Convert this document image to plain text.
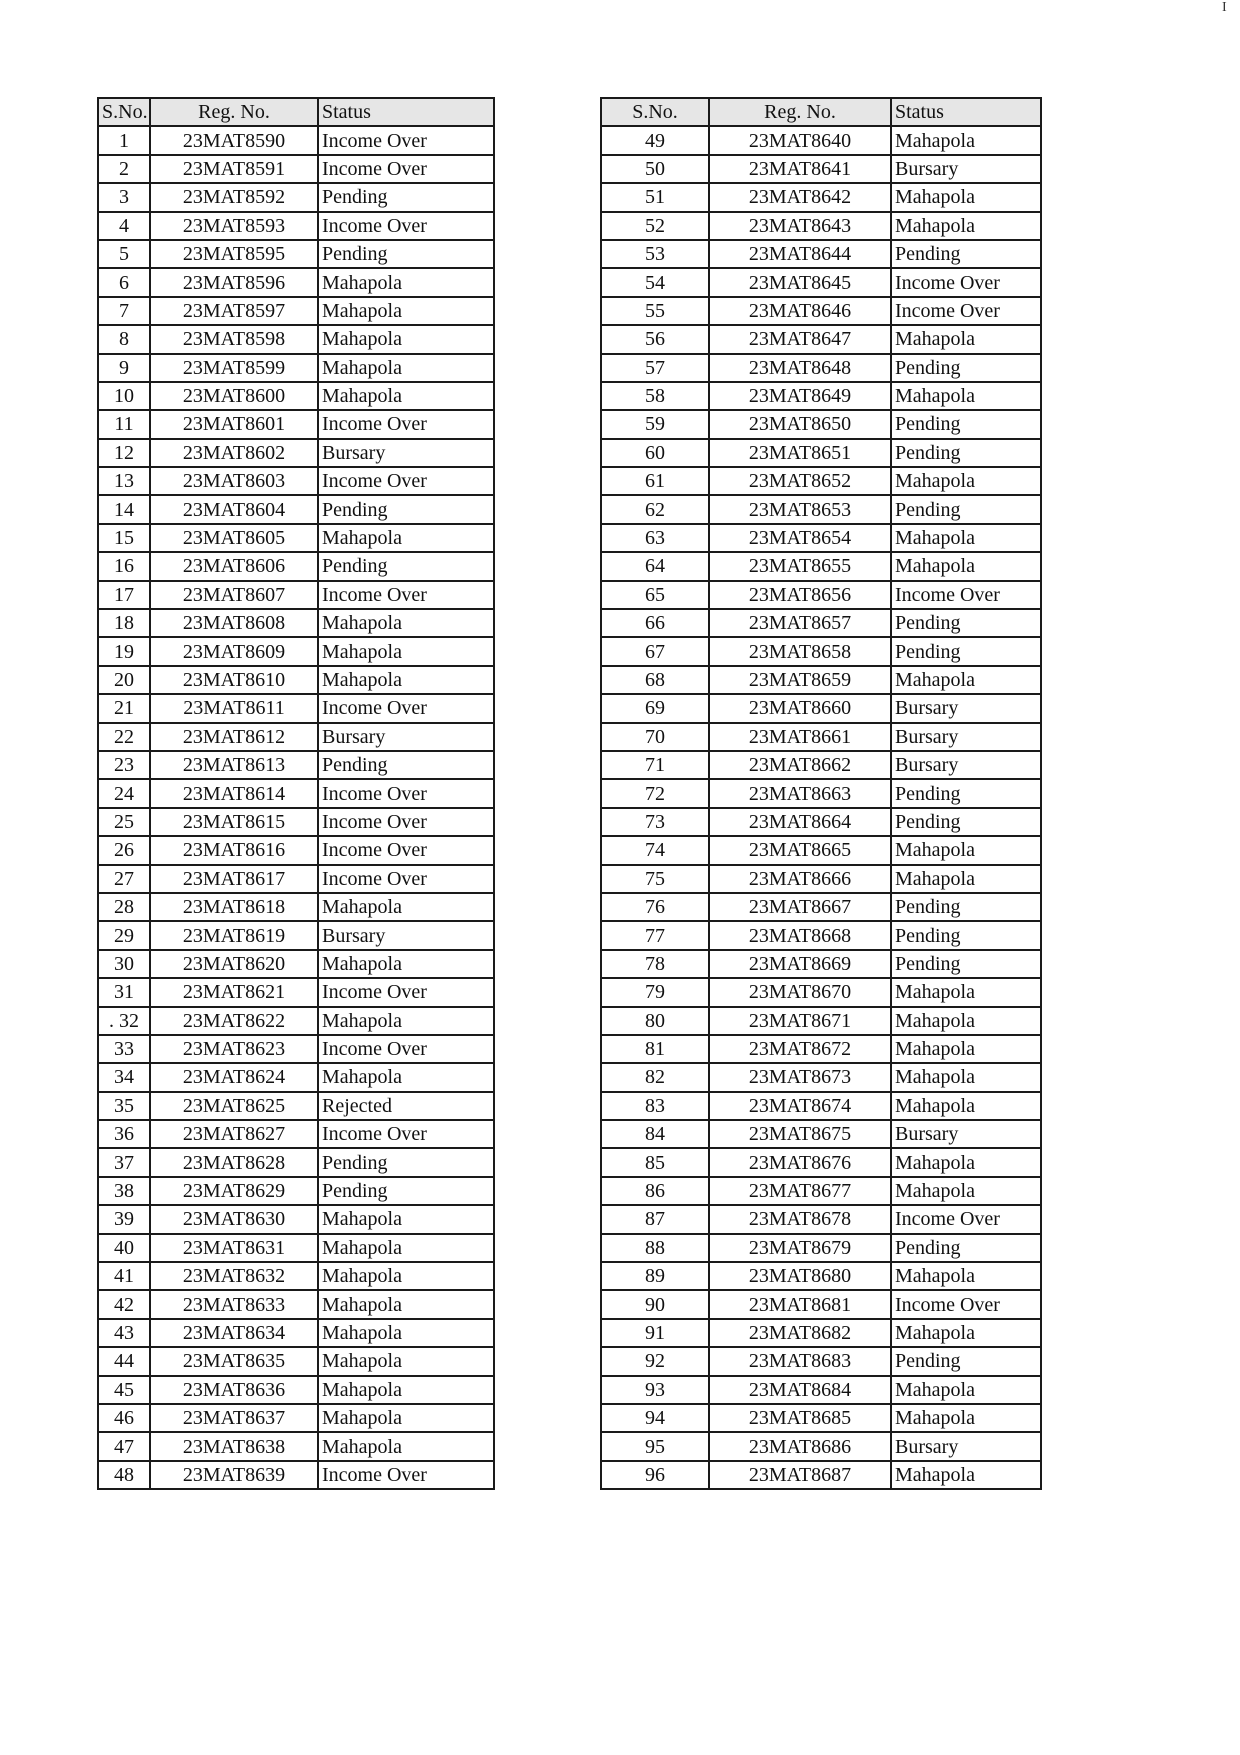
S.No.	Reg. No.	Status
1	23MAT8590	Income Over
2	23MAT8591	Income Over
3	23MAT8592	Pending
4	23MAT8593	Income Over
5	23MAT8595	Pending
6	23MAT8596	Mahapola
7	23MAT8597	Mahapola
8	23MAT8598	Mahapola
9	23MAT8599	Mahapola
10	23MAT8600	Mahapola
11	23MAT8601	Income Over
12	23MAT8602	Bursary
13	23MAT8603	Income Over
14	23MAT8604	Pending
15	23MAT8605	Mahapola
16	23MAT8606	Pending
17	23MAT8607	Income Over
18	23MAT8608	Mahapola
19	23MAT8609	Mahapola
20	23MAT8610	Mahapola
21	23MAT8611	Income Over
22	23MAT8612	Bursary
23	23MAT8613	Pending
24	23MAT8614	Income Over
25	23MAT8615	Income Over
26	23MAT8616	Income Over
27	23MAT8617	Income Over
28	23MAT8618	Mahapola
29	23MAT8619	Bursary
30	23MAT8620	Mahapola
31	23MAT8621	Income Over
. 32	23MAT8622	Mahapola
33	23MAT8623	Income Over
34	23MAT8624	Mahapola
35	23MAT8625	Rejected
36	23MAT8627	Income Over
37	23MAT8628	Pending
38	23MAT8629	Pending
39	23MAT8630	Mahapola
40	23MAT8631	Mahapola
41	23MAT8632	Mahapola
42	23MAT8633	Mahapola
43	23MAT8634	Mahapola
44	23MAT8635	Mahapola
45	23MAT8636	Mahapola
46	23MAT8637	Mahapola
47	23MAT8638	Mahapola
48	23MAT8639	Income Over
S.No.	Reg. No.	Status
49	23MAT8640	Mahapola
50	23MAT8641	Bursary
51	23MAT8642	Mahapola
52	23MAT8643	Mahapola
53	23MAT8644	Pending
54	23MAT8645	Income Over
55	23MAT8646	Income Over
56	23MAT8647	Mahapola
57	23MAT8648	Pending
58	23MAT8649	Mahapola
59	23MAT8650	Pending
60	23MAT8651	Pending
61	23MAT8652	Mahapola
62	23MAT8653	Pending
63	23MAT8654	Mahapola
64	23MAT8655	Mahapola
65	23MAT8656	Income Over
66	23MAT8657	Pending
67	23MAT8658	Pending
68	23MAT8659	Mahapola
69	23MAT8660	Bursary
70	23MAT8661	Bursary
71	23MAT8662	Bursary
72	23MAT8663	Pending
73	23MAT8664	Pending
74	23MAT8665	Mahapola
75	23MAT8666	Mahapola
76	23MAT8667	Pending
77	23MAT8668	Pending
78	23MAT8669	Pending
79	23MAT8670	Mahapola
80	23MAT8671	Mahapola
81	23MAT8672	Mahapola
82	23MAT8673	Mahapola
83	23MAT8674	Mahapola
84	23MAT8675	Bursary
85	23MAT8676	Mahapola
86	23MAT8677	Mahapola
87	23MAT8678	Income Over
88	23MAT8679	Pending
89	23MAT8680	Mahapola
90	23MAT8681	Income Over
91	23MAT8682	Mahapola
92	23MAT8683	Pending
93	23MAT8684	Mahapola
94	23MAT8685	Mahapola
95	23MAT8686	Bursary
96	23MAT8687	Mahapola
I
